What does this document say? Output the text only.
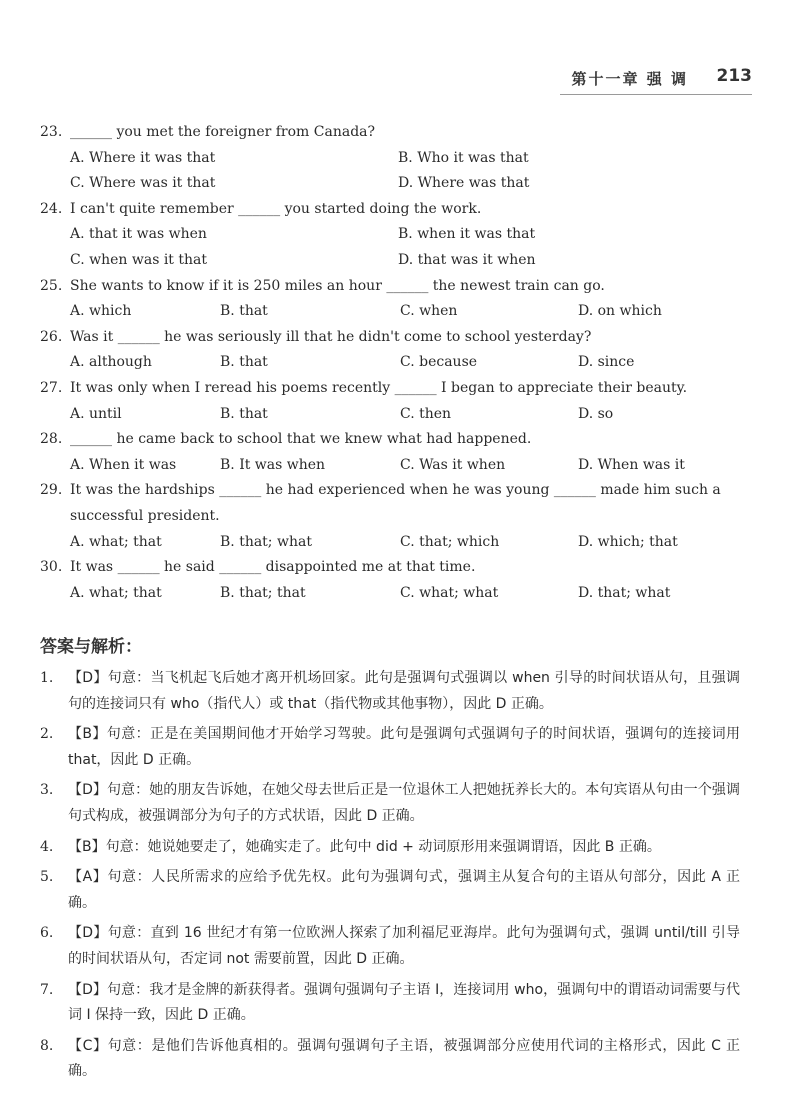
第十一章 强 调 213
23. ______ you met the foreigner from Canada?
A. Where it was that	B. Who it was that
C. Where was it that	D. Where was that
24. I can't quite remember ______ you started doing the work.
A. that it was when	B. when it was that
C. when was it that	D. that was it when
25. She wants to know if it is 250 miles an hour ______ the newest train can go.
A. which	B. that	C. when	D. on which
26. Was it ______ he was seriously ill that he didn't come to school yesterday?
A. although	B. that	C. because	D. since
27. It was only when I reread his poems recently ______ I began to appreciate their beauty.
A. until	B. that	C. then	D. so
28. ______ he came back to school that we knew what had happened.
A. When it was	B. It was when	C. Was it when	D. When was it
29. It was the hardships ______ he had experienced when he was young ______ made him such a successful president.
A. what; that	B. that; what	C. that; which	D. which; that
30. It was ______ he said ______ disappointed me at that time.
A. what; that	B. that; that	C. what; what	D. that; what
答案与解析：
1.	【D】句意：当飞机起飞后她才离开机场回家。此句是强调句式强调以 when 引导的时间状语从句，且强调句的连接词只有 who（指代人）或 that（指代物或其他事物），因此 D 正确。
2.	【B】句意：正是在美国期间他才开始学习驾驶。此句是强调句式强调句子的时间状语，强调句的连接词用 that，因此 D 正确。
3.	【D】句意：她的朋友告诉她，在她父母去世后正是一位退休工人把她抚养长大的。本句宾语从句由一个强调句式构成，被强调部分为句子的方式状语，因此 D 正确。
4.	【B】句意：她说她要走了，她确实走了。此句中 did + 动词原形用来强调谓语，因此 B 正确。
5.	【A】句意：人民所需求的应给予优先权。此句为强调句式，强调主从复合句的主语从句部分，因此 A 正确。
6.	【D】句意：直到 16 世纪才有第一位欧洲人探索了加利福尼亚海岸。此句为强调句式，强调 until/till 引导的时间状语从句，否定词 not 需要前置，因此 D 正确。
7.	【D】句意：我才是金牌的新获得者。强调句强调句子主语 I，连接词用 who，强调句中的谓语动词需要与代词 I 保持一致，因此 D 正确。
8.	【C】句意：是他们告诉他真相的。强调句强调句子主语，被强调部分应使用代词的主格形式，因此 C 正确。
